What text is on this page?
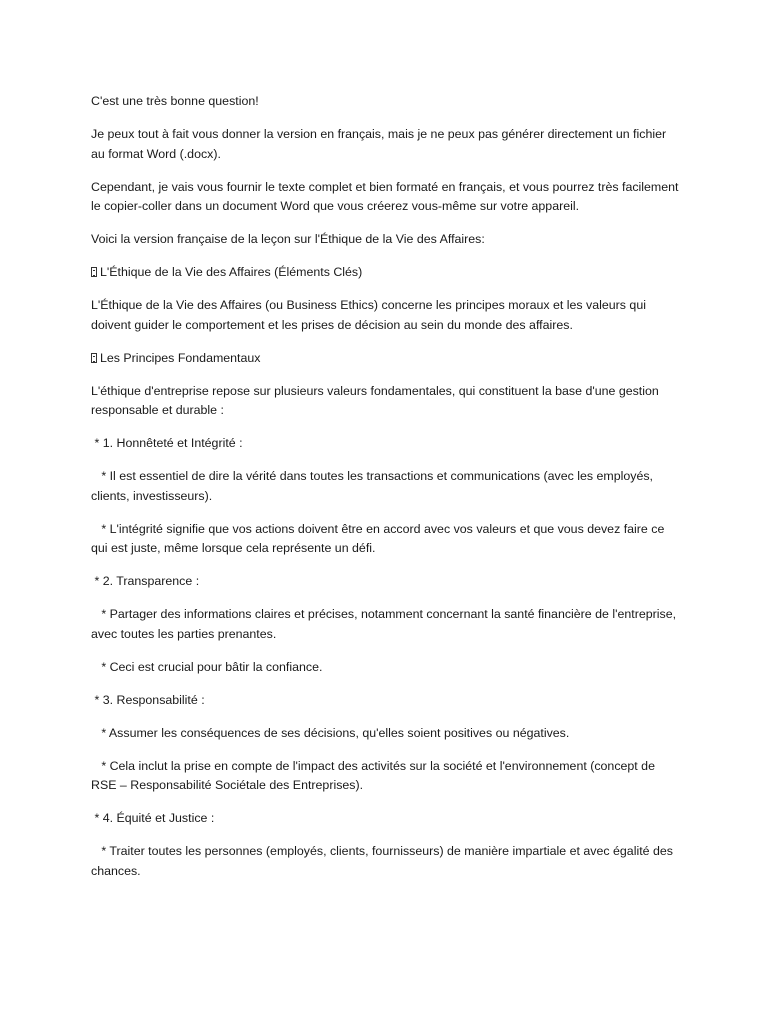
C'est une très bonne question!

Je peux tout à fait vous donner la version en français, mais je ne peux pas générer directement un fichier au format Word (.docx).

Cependant, je vais vous fournir le texte complet et bien formaté en français, et vous pourrez très facilement le copier-coller dans un document Word que vous créerez vous-même sur votre appareil.

Voici la version française de la leçon sur l'Éthique de la Vie des Affaires:

L'Éthique de la Vie des Affaires (Éléments Clés)

L'Éthique de la Vie des Affaires (ou Business Ethics) concerne les principes moraux et les valeurs qui doivent guider le comportement et les prises de décision au sein du monde des affaires.

Les Principes Fondamentaux

L'éthique d'entreprise repose sur plusieurs valeurs fondamentales, qui constituent la base d'une gestion responsable et durable :

* 1. Honnêteté et Intégrité :

* Il est essentiel de dire la vérité dans toutes les transactions et communications (avec les employés, clients, investisseurs).

* L'intégrité signifie que vos actions doivent être en accord avec vos valeurs et que vous devez faire ce qui est juste, même lorsque cela représente un défi.

* 2. Transparence :

* Partager des informations claires et précises, notamment concernant la santé financière de l'entreprise, avec toutes les parties prenantes.

* Ceci est crucial pour bâtir la confiance.

* 3. Responsabilité :

* Assumer les conséquences de ses décisions, qu'elles soient positives ou négatives.

* Cela inclut la prise en compte de l'impact des activités sur la société et l'environnement (concept de RSE – Responsabilité Sociétale des Entreprises).

* 4. Équité et Justice :

* Traiter toutes les personnes (employés, clients, fournisseurs) de manière impartiale et avec égalité des chances.
